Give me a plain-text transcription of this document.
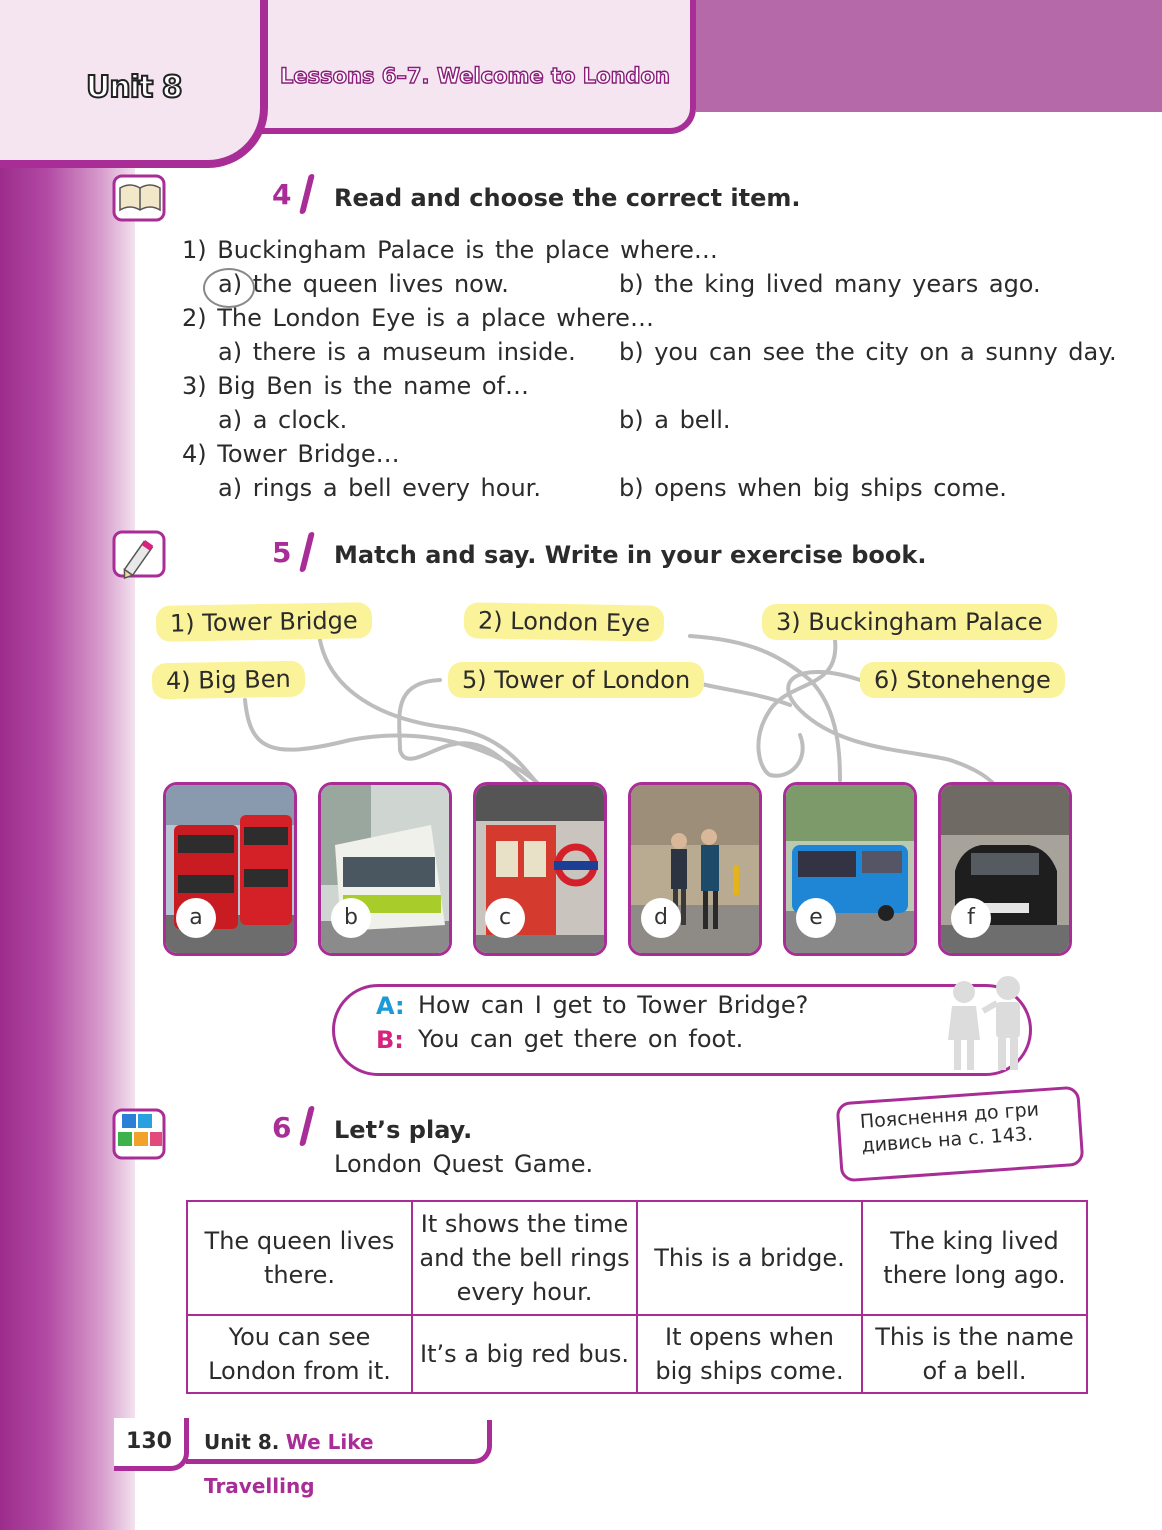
Unit 8	Lessons 6–7. Welcome to London
4 Read and choose the correct item.
1) Buckingham Palace is the place where…
a) the queen lives now.	b) the king lived many years ago.
2) The London Eye is a place where…
a) there is a museum inside. b) you can see the city on a sunny day.
3) Big Ben is the name of…
a) a clock.	b) a bell.
4) Tower Bridge…
a) rings a bell every hour.	b) opens when big ships come.
5 Match and say. Write in your exercise book.
1) Tower Bridge	2) London Eye	3) Buckingham Palace
4) Big Ben	5) Tower of London	6) Stonehenge
a	b	c	d	e	f
A: How can I get to Tower Bridge?
B: You can get there on foot.
6 Let’s play.
London Quest Game.
Пояснення до гри
дивись на с. 143.
The queen lives there.	It shows the time and the bell rings every hour.	This is a bridge.	The king lived there long ago.
You can see London from it.	It’s a big red bus.	It opens when big ships come.	This is the name of a bell.
130	Unit 8. We Like Travelling
